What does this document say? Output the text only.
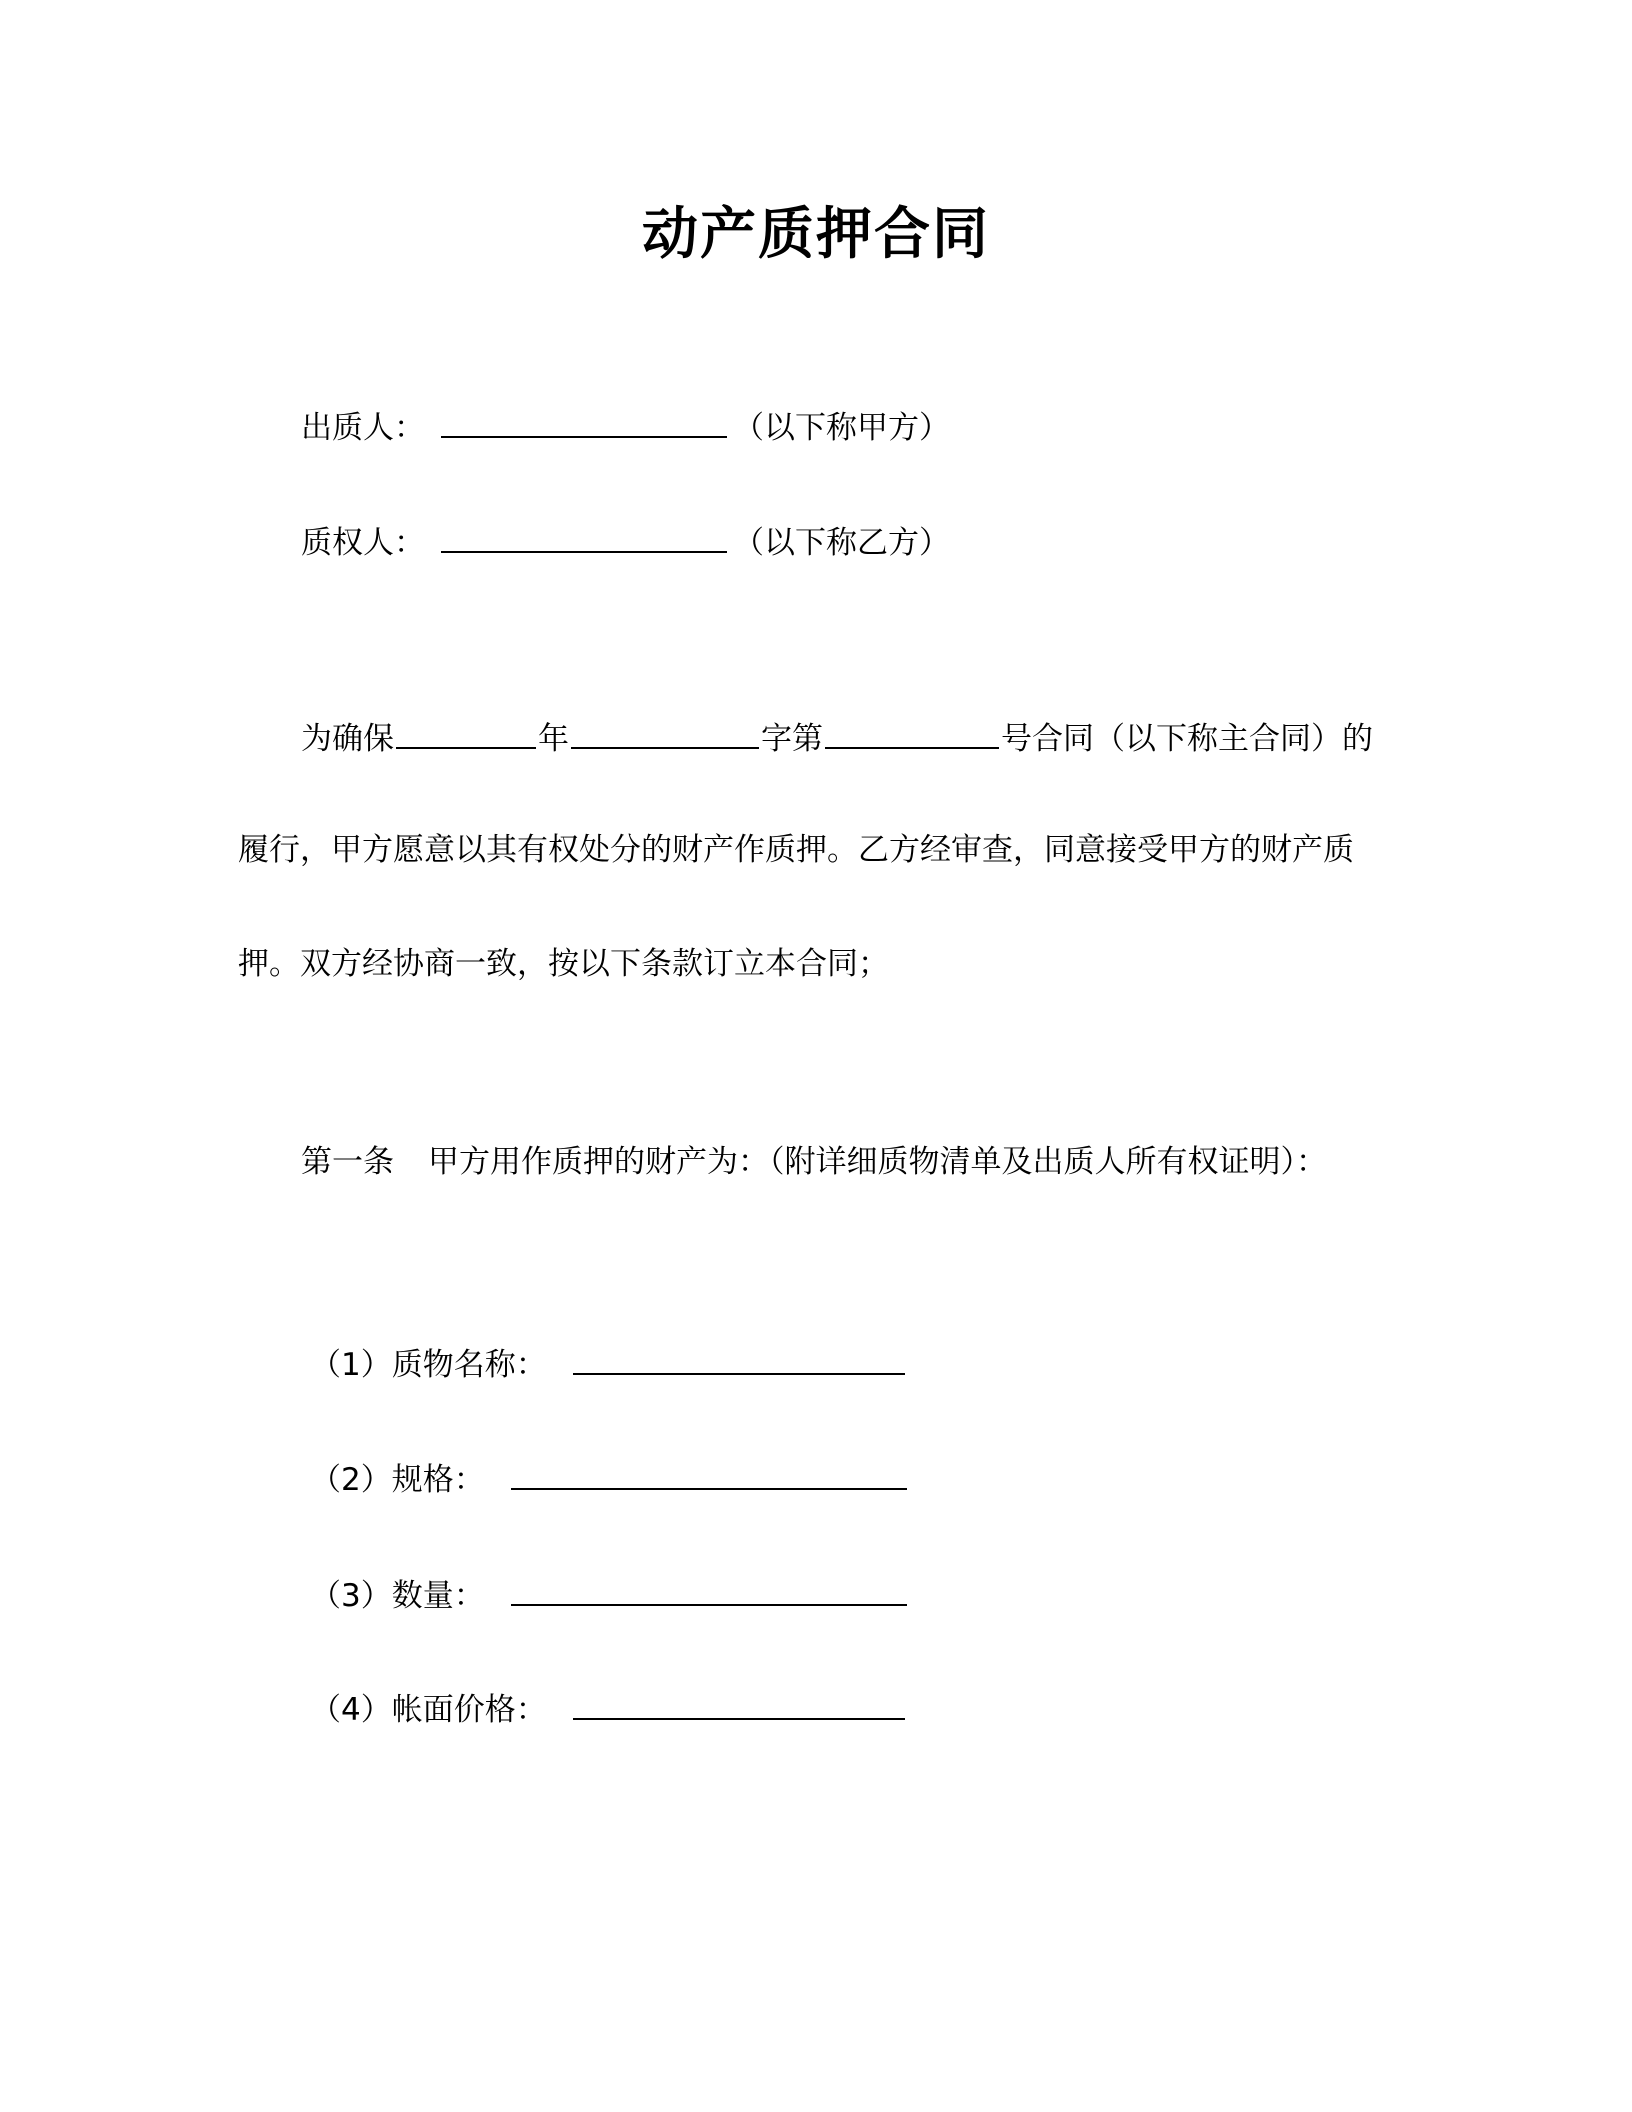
动产质押合同
出质人：	（以下称甲方）
质权人：	（以下称乙方）
为确保	年	字第	号合同（以下称主合同）的
履行，甲方愿意以其有权处分的财产作质押。乙方经审查，同意接受甲方的财产质
押。双方经协商一致，按以下条款订立本合同；
第一条 甲方用作质押的财产为：（附详细质物清单及出质人所有权证明）：
（1）质物名称：
（2）规格：
（3）数量：
（4）帐面价格：
